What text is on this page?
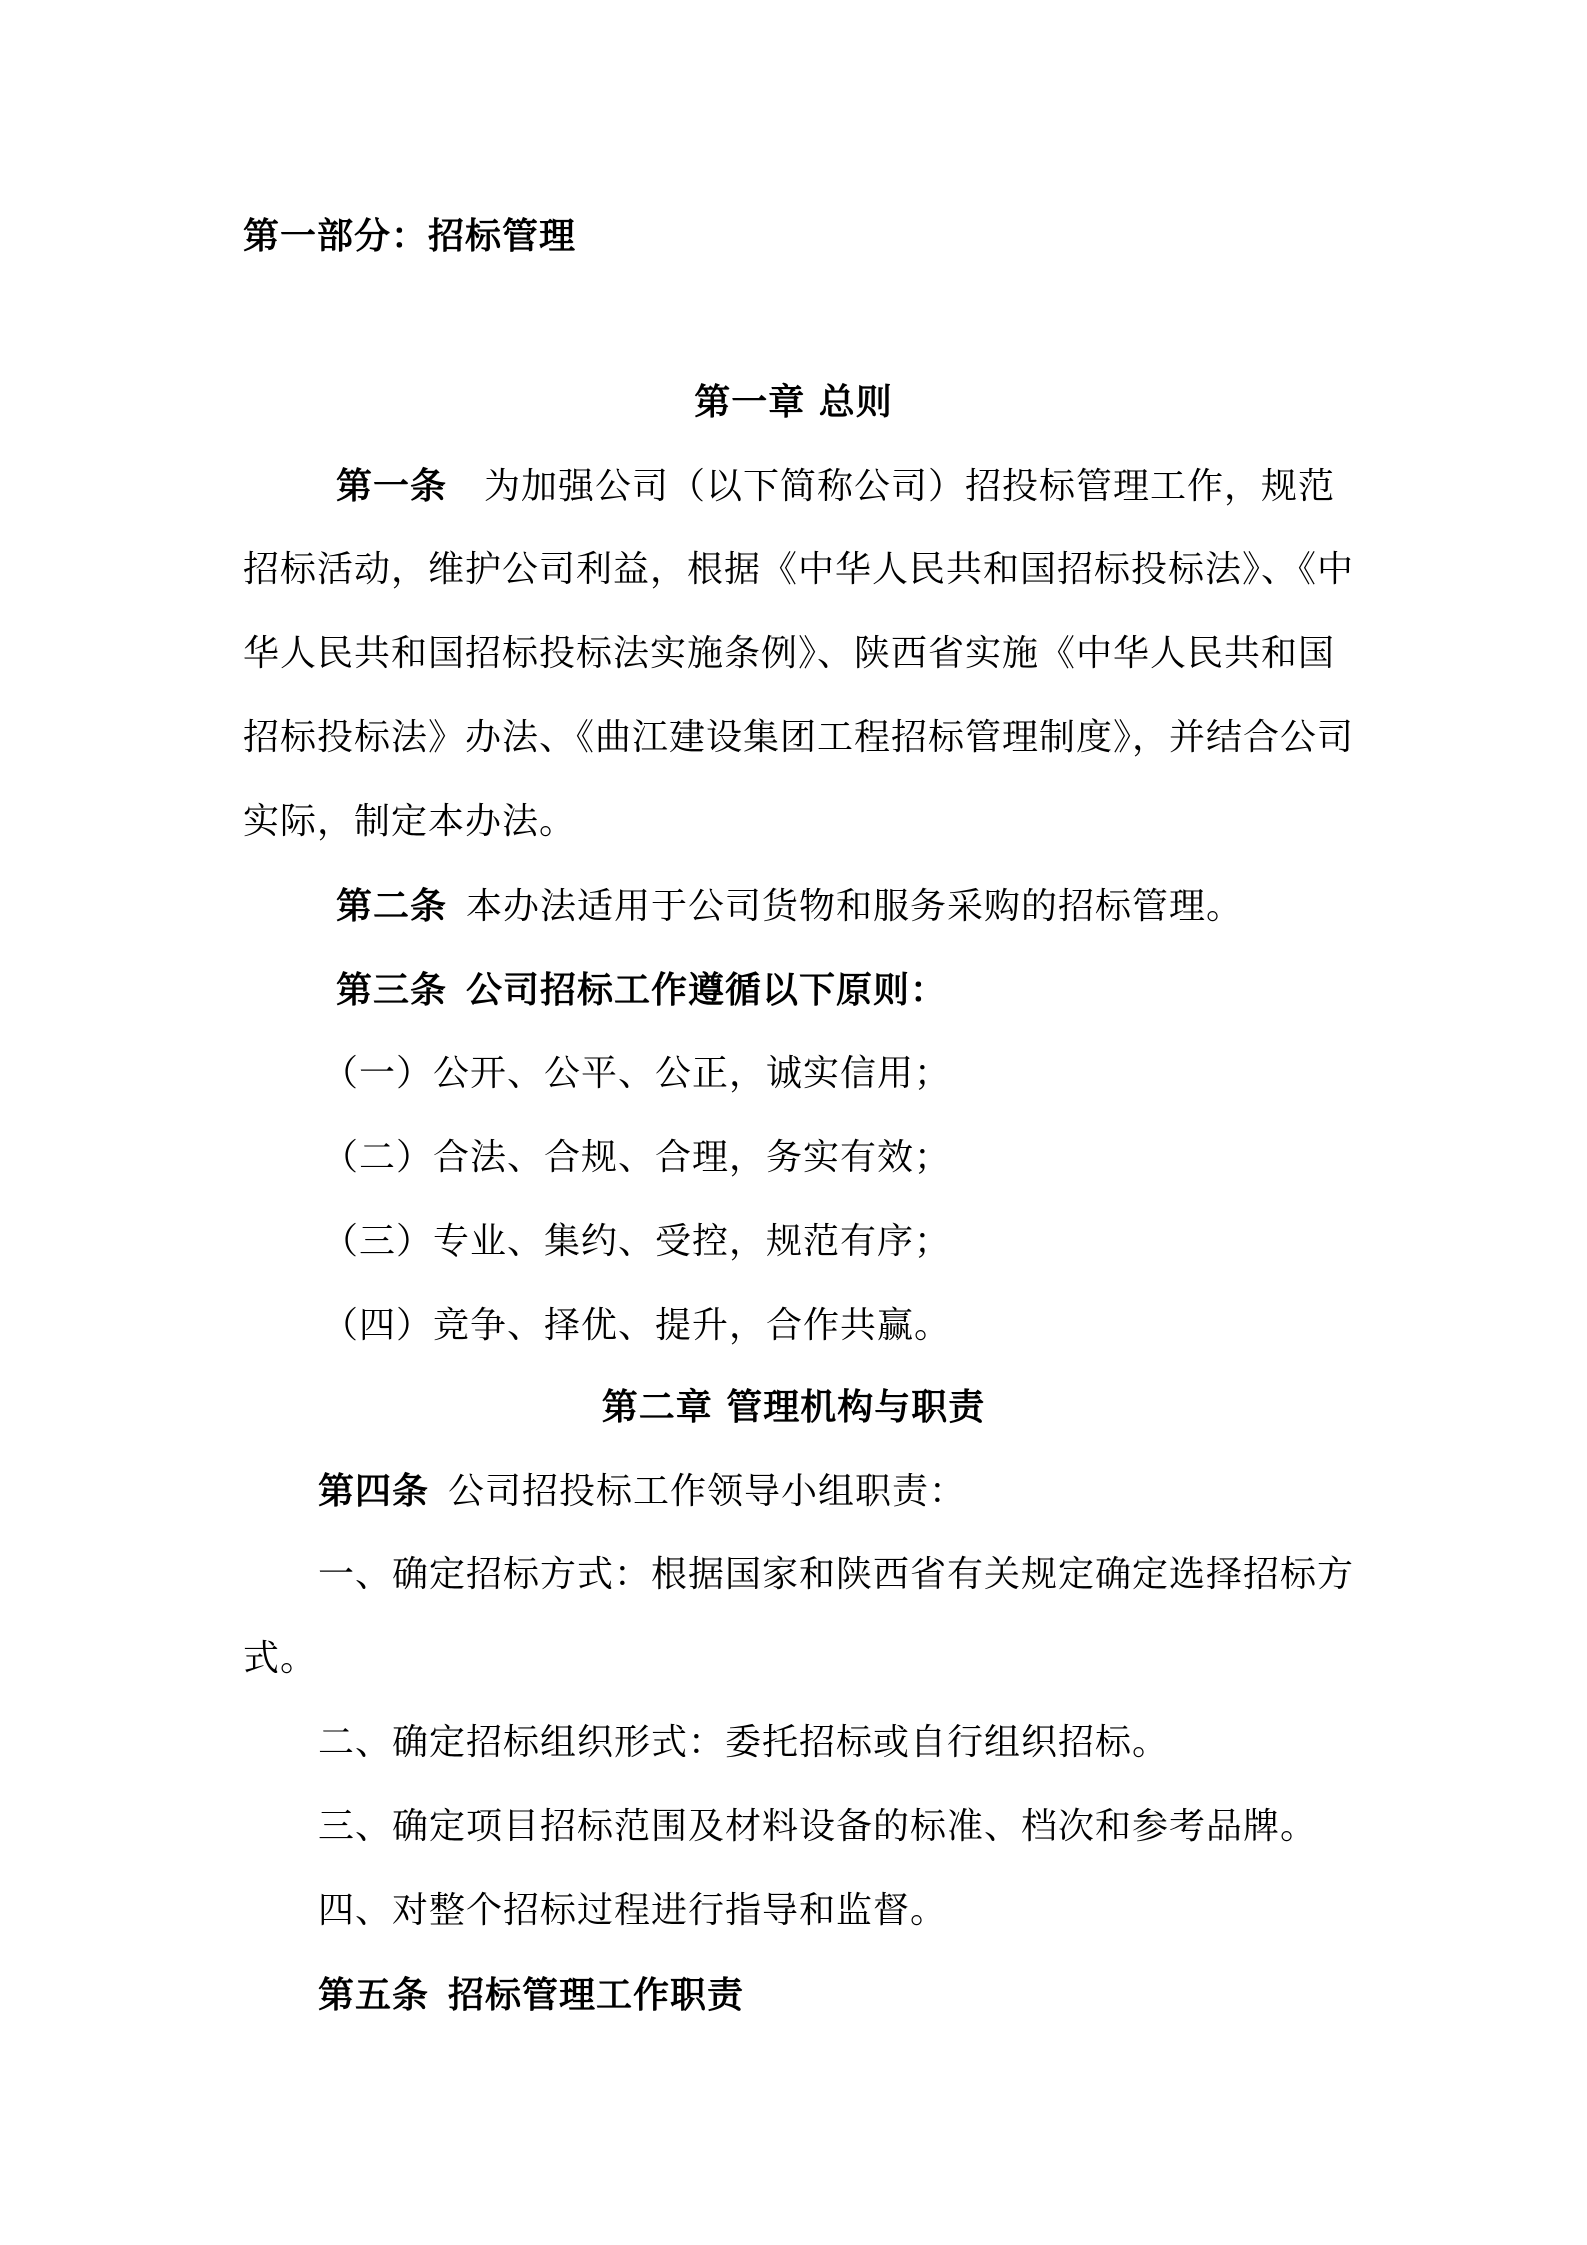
第一部分：招标管理
第一章 总则
第一条  为加强公司（以下简称公司）招投标管理工作，规范
招标活动，维护公司利益，根据《中华人民共和国招标投标法》、《中
华人民共和国招标投标法实施条例》、陕西省实施《中华人民共和国
招标投标法》办法、《曲江建设集团工程招标管理制度》，并结合公司
实际，制定本办法。
第二条  本办法适用于公司货物和服务采购的招标管理。
第三条  公司招标工作遵循以下原则：
（一）公开、公平、公正，诚实信用；
（二）合法、合规、合理，务实有效；
（三）专业、集约、受控，规范有序；
（四）竞争、择优、提升，合作共赢。
第二章 管理机构与职责
第四条  公司招投标工作领导小组职责：
一、确定招标方式：根据国家和陕西省有关规定确定选择招标方
式。
二、确定招标组织形式：委托招标或自行组织招标。
三、确定项目招标范围及材料设备的标准、档次和参考品牌。
四、对整个招标过程进行指导和监督。
第五条  招标管理工作职责
